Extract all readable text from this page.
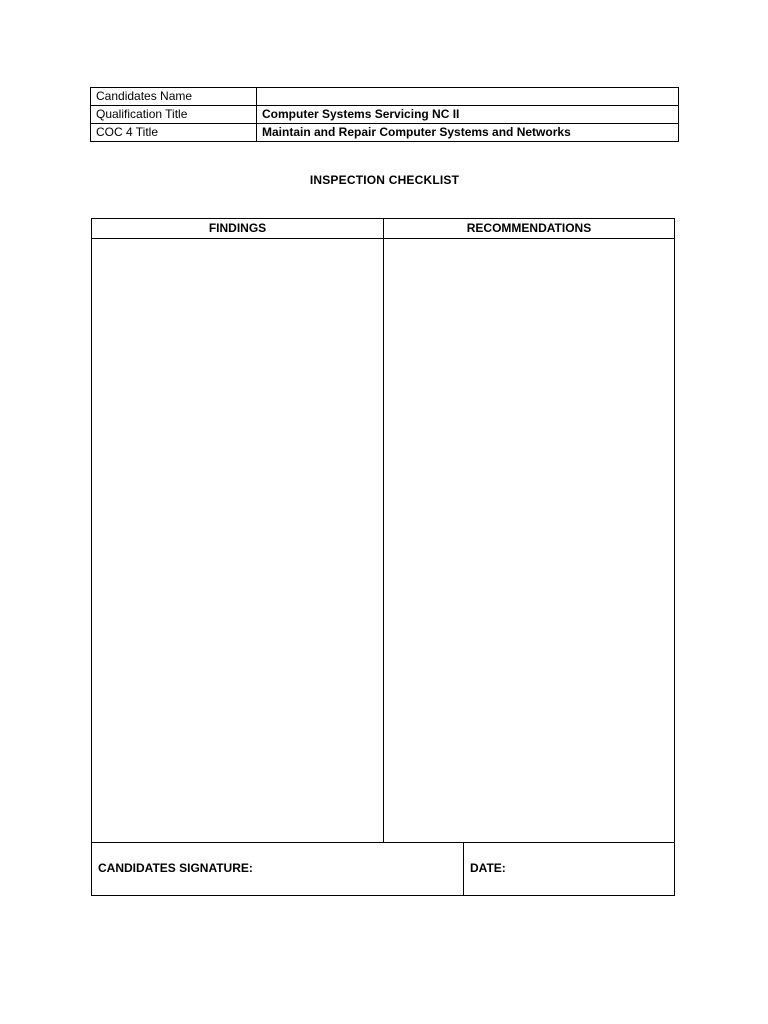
Candidates Name	
Qualification Title	Computer Systems Servicing NC II
COC 4 Title	Maintain and Repair Computer Systems and Networks
INSPECTION CHECKLIST
FINDINGS	RECOMMENDATIONS
CANDIDATES SIGNATURE:	DATE:
